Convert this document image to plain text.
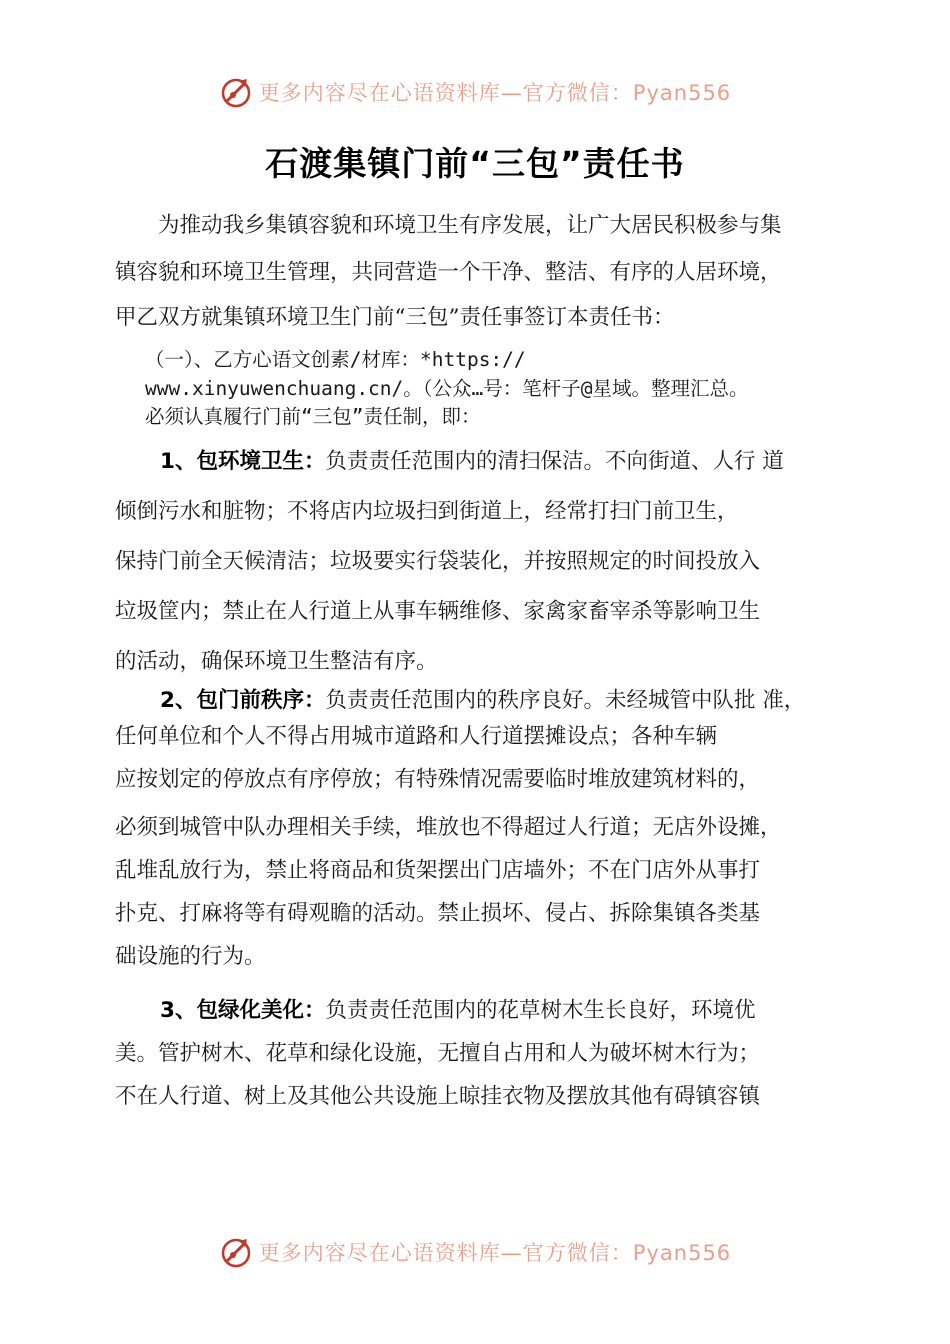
更多内容尽在心语资料库—官方微信：Pyan556
石渡集镇门前“三包”责任书
为推动我乡集镇容貌和环境卫生有序发展，让广大居民积极参与集
镇容貌和环境卫生管理，共同营造一个干净、整洁、有序的人居环境，
甲乙双方就集镇环境卫生门前“三包”责任事签订本责任书：
（一）、乙方心语文创素/材库：*https://
www.xinyuwenchuang.cn/。（公众…号：笔杆子@星域。整理汇总。
必须认真履行门前“三包”责任制，即：
1、包环境卫生：负责责任范围内的清扫保洁。不向街道、人行 道
倾倒污水和脏物；不将店内垃圾扫到街道上，经常打扫门前卫生，
保持门前全天候清洁；垃圾要实行袋装化，并按照规定的时间投放入
垃圾筐内；禁止在人行道上从事车辆维修、家禽家畜宰杀等影响卫生
的活动，确保环境卫生整洁有序。
2、包门前秩序：负责责任范围内的秩序良好。未经城管中队批 准，
任何单位和个人不得占用城市道路和人行道摆摊设点；各种车辆
应按划定的停放点有序停放；有特殊情况需要临时堆放建筑材料的，
必须到城管中队办理相关手续，堆放也不得超过人行道；无店外设摊，
乱堆乱放行为，禁止将商品和货架摆出门店墙外；不在门店外从事打
扑克、打麻将等有碍观瞻的活动。禁止损坏、侵占、拆除集镇各类基
础设施的行为。
3、包绿化美化：负责责任范围内的花草树木生长良好，环境优
美。管护树木、花草和绿化设施，无擅自占用和人为破坏树木行为；
不在人行道、树上及其他公共设施上晾挂衣物及摆放其他有碍镇容镇
更多内容尽在心语资料库—官方微信：Pyan556
